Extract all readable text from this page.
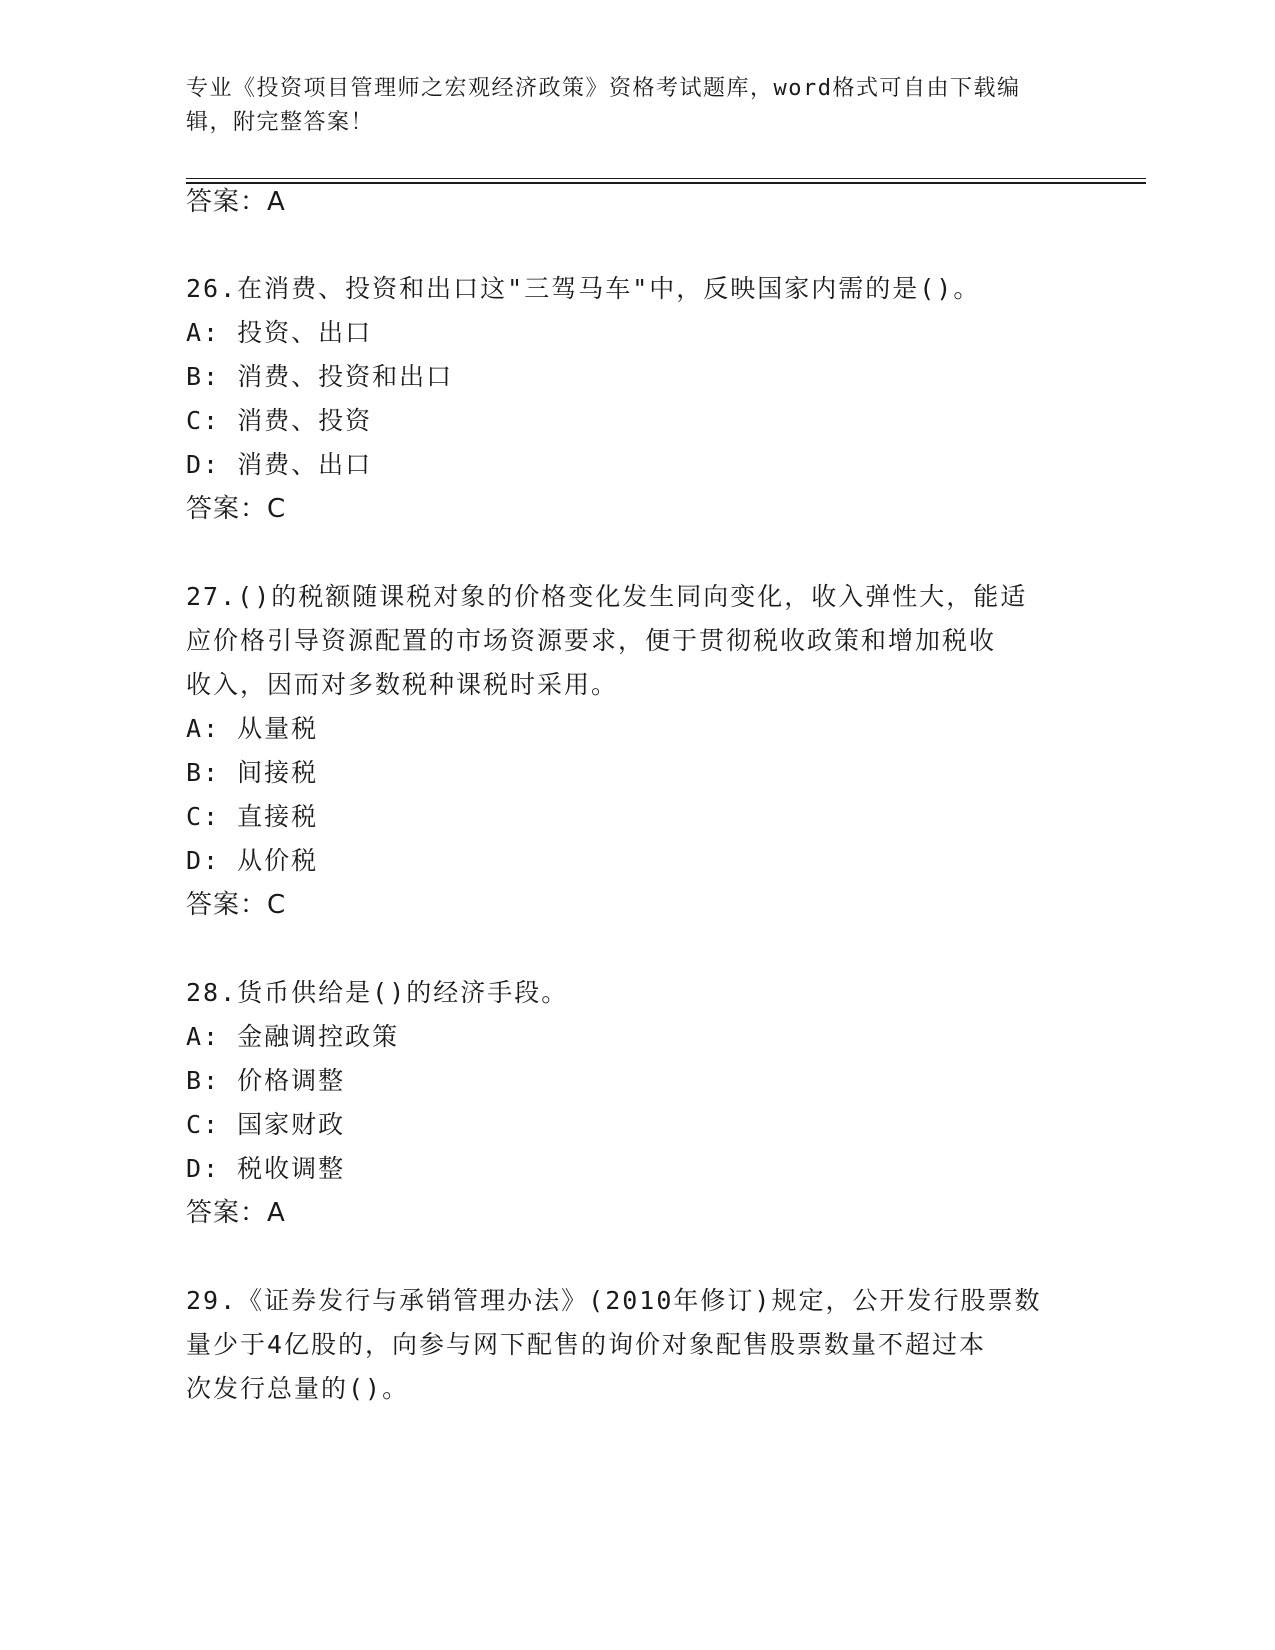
专业《投资项目管理师之宏观经济政策》资格考试题库，word格式可自由下载编
辑，附完整答案！
答案：A
26.在消费、投资和出口这"三驾马车"中，反映国家内需的是()。
A: 投资、出口
B: 消费、投资和出口
C: 消费、投资
D: 消费、出口
答案：C
27.()的税额随课税对象的价格变化发生同向变化，收入弹性大，能适
应价格引导资源配置的市场资源要求，便于贯彻税收政策和增加税收
收入，因而对多数税种课税时采用。
A: 从量税
B: 间接税
C: 直接税
D: 从价税
答案：C
28.货币供给是()的经济手段。
A: 金融调控政策
B: 价格调整
C: 国家财政
D: 税收调整
答案：A
29.《证券发行与承销管理办法》(2010年修订)规定，公开发行股票数
量少于4亿股的，向参与网下配售的询价对象配售股票数量不超过本
次发行总量的()。
